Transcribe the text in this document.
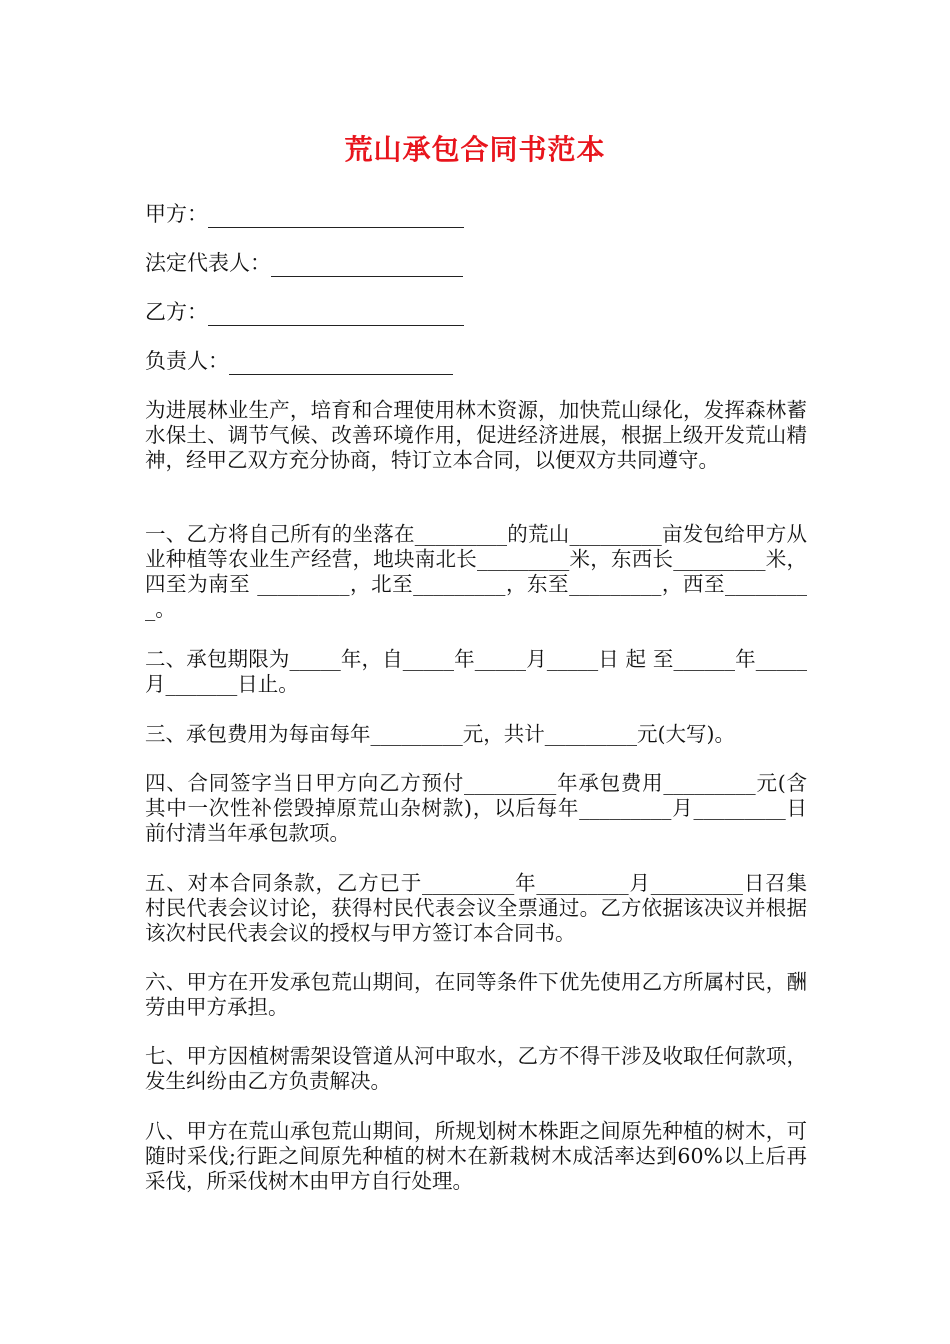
荒山承包合同书范本
甲方：
法定代表人：
乙方：
负责人：

为进展林业生产，培育和合理使用林木资源，加快荒山绿化，发挥森林蓄水保土、调节气候、改善环境作用，促进经济进展，根据上级开发荒山精神，经甲乙双方充分协商，特订立本合同，以便双方共同遵守。

一、乙方将自己所有的坐落在_________的荒山_________亩发包给甲方从业种植等农业生产经营，地块南北长_________米，东西长_________米，四至为南至 _________，北至_________，东至_________，西至_________。

二、承包期限为_____年，自_____年_____月_____日 起 至______年_____月_______日止。

三、承包费用为每亩每年_________元，共计_________元(大写)。

四、合同签字当日甲方向乙方预付_________年承包费用_________元(含其中一次性补偿毁掉原荒山杂树款)，以后每年_________月_________日前付清当年承包款项。

五、对本合同条款，乙方已于_________年_________月_________日召集村民代表会议讨论，获得村民代表会议全票通过。乙方依据该决议并根据该次村民代表会议的授权与甲方签订本合同书。

六、甲方在开发承包荒山期间，在同等条件下优先使用乙方所属村民，酬劳由甲方承担。

七、甲方因植树需架设管道从河中取水，乙方不得干涉及收取任何款项，发生纠纷由乙方负责解决。

八、甲方在荒山承包荒山期间，所规划树木株距之间原先种植的树木，可随时采伐;行距之间原先种植的树木在新栽树木成活率达到60%以上后再采伐，所采伐树木由甲方自行处理。
